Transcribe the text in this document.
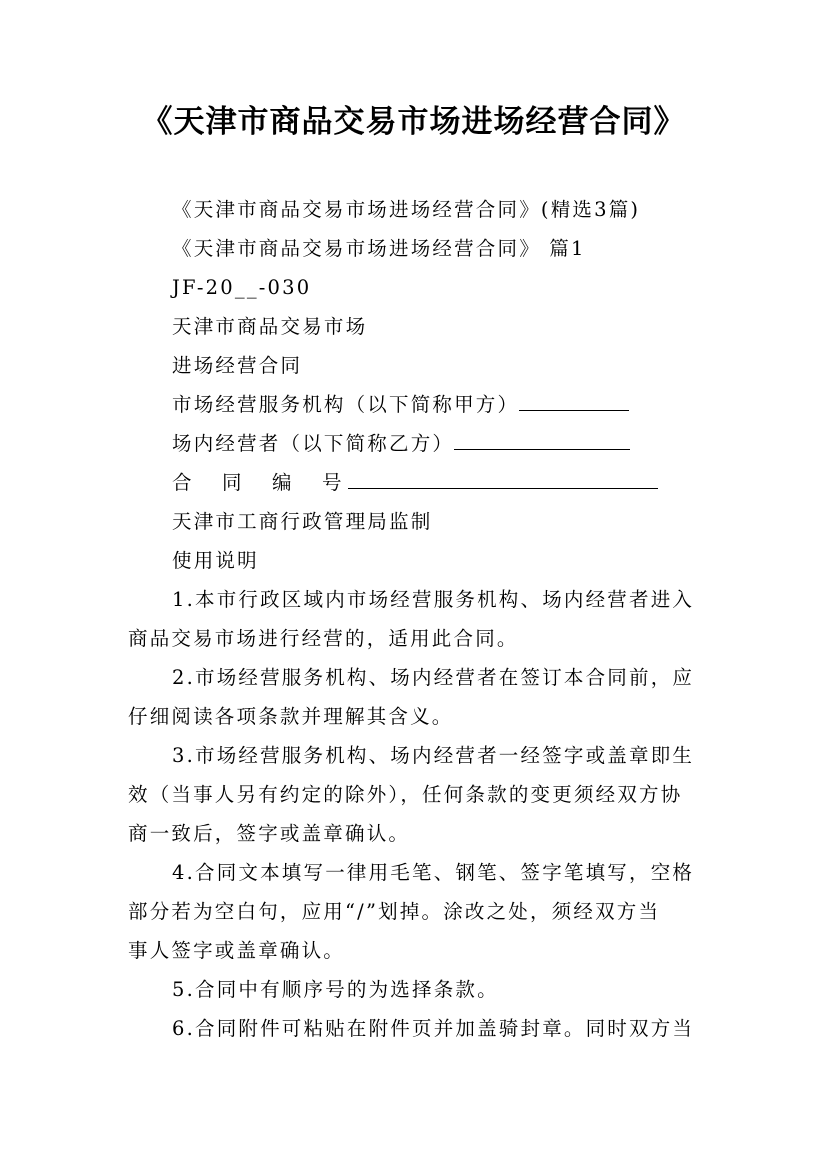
《天津市商品交易市场进场经营合同》
《天津市商品交易市场进场经营合同》(精选3篇)
《天津市商品交易市场进场经营合同》 篇1
JF-20__-030
天津市商品交易市场
进场经营合同
市场经营服务机构（以下简称甲方）
场内经营者（以下简称乙方）
合 同 编 号
天津市工商行政管理局监制
使用说明
1.本市行政区域内市场经营服务机构、场内经营者进入
商品交易市场进行经营的，适用此合同。
2.市场经营服务机构、场内经营者在签订本合同前，应
仔细阅读各项条款并理解其含义。
3.市场经营服务机构、场内经营者一经签字或盖章即生
效（当事人另有约定的除外），任何条款的变更须经双方协
商一致后，签字或盖章确认。
4.合同文本填写一律用毛笔、钢笔、签字笔填写，空格
部分若为空白句，应用“/”划掉。涂改之处，须经双方当
事人签字或盖章确认。
5.合同中有顺序号的为选择条款。
6.合同附件可粘贴在附件页并加盖骑封章。同时双方当
